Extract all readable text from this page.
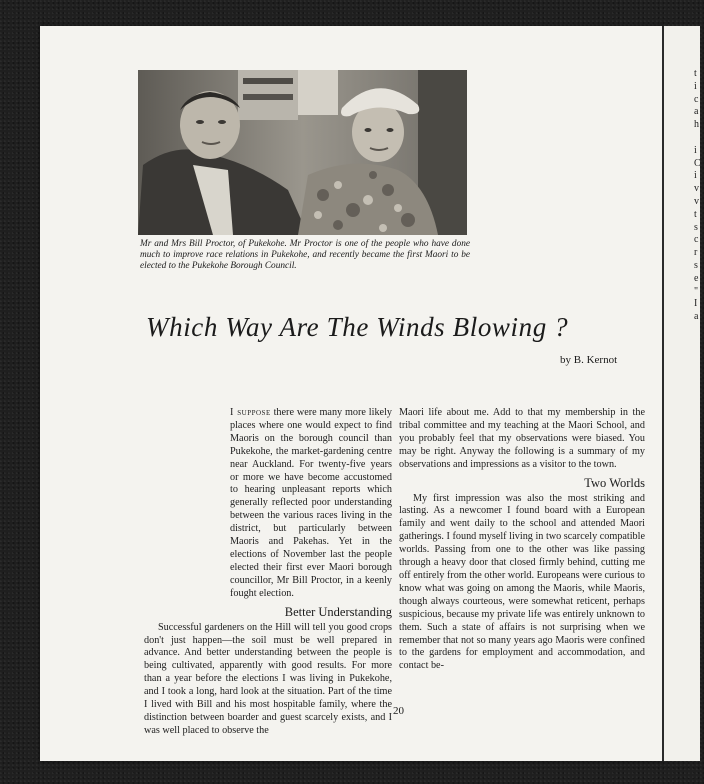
t
i
c
a
h
i
C
i
v
v
t
s
c
r
s
e
"
I
a
Mr and Mrs Bill Proctor, of Pukekohe. Mr Proctor is one of the people who have done much to improve race relations in Pukekohe, and recently became the first Maori to be elected to the Pukekohe Borough Council.
Which Way Are The Winds Blowing ?
by B. Kernot

I suppose there were many more likely places where one would expect to find Maoris on the borough council than Pukekohe, the market-gardening centre near Auckland. For twenty-five years or more we have become accustomed to hearing unpleasant reports which generally reflected poor understanding between the various races living in the district, but particularly between Maoris and Pakehas. Yet in the elections of November last the people elected their first ever Maori borough councillor, Mr Bill Proctor, in a keenly fought election.

Better Understanding

Successful gardeners on the Hill will tell you good crops don't just happen—the soil must be well prepared in advance. And better understanding between the people is being cultivated, apparently with good results. For more than a year before the elections I was living in Pukekohe, and I took a long, hard look at the situation. Part of the time I lived with Bill and his most hospitable family, where the distinction between boarder and guest scarcely exists, and I was well placed to observe the

Maori life about me. Add to that my membership in the tribal committee and my teaching at the Maori School, and you probably feel that my observations were biased. You may be right. Anyway the following is a summary of my observations and impressions as a visitor to the town.

Two Worlds

My first impression was also the most striking and lasting. As a newcomer I found board with a European family and went daily to the school and attended Maori gatherings. I found myself living in two scarcely compatible worlds. Passing from one to the other was like passing through a heavy door that closed firmly behind, cutting me off entirely from the other world. Europeans were curious to know what was going on among the Maoris, while Maoris, though always courteous, were somewhat reticent, perhaps suspicious, because my private life was entirely unknown to them. Such a state of affairs is not surprising when we remember that not so many years ago Maoris were confined to the gardens for employment and accommodation, and contact be-

20
